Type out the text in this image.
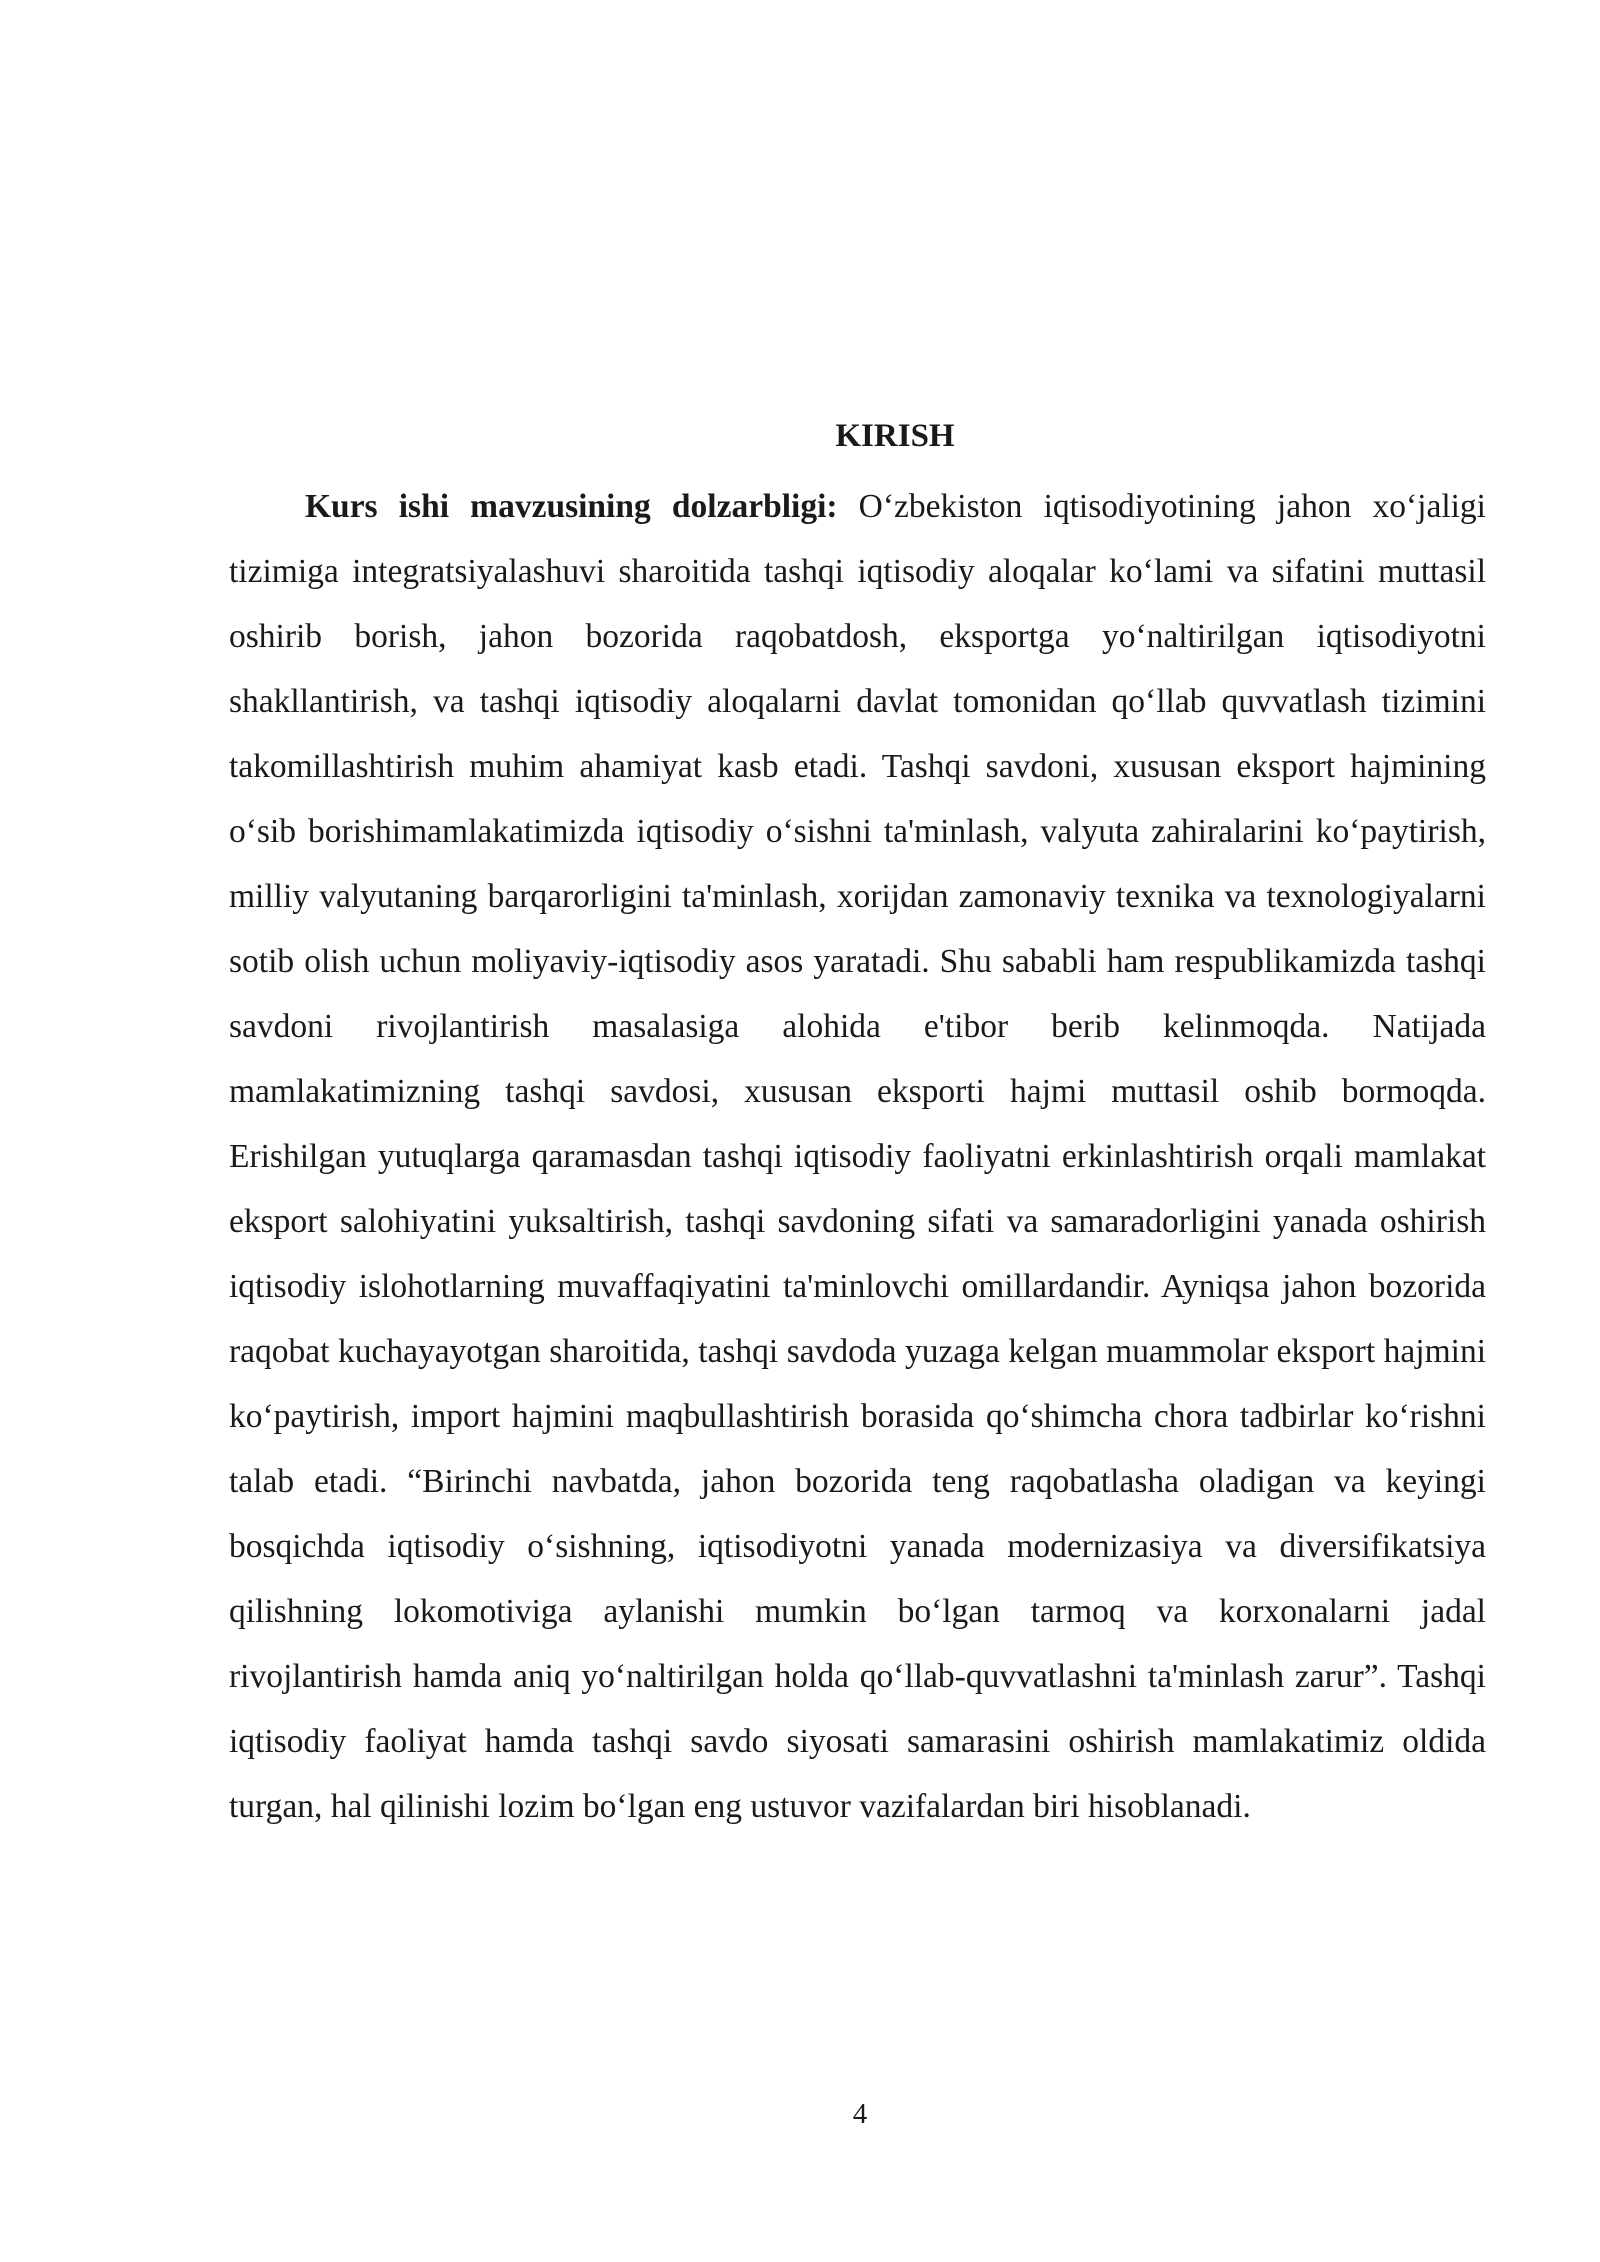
KIRISH

Kurs ishi mavzusining dolzarbligi: O‘zbekiston iqtisodiyotining jahon xo‘jaligi tizimiga integratsiyalashuvi sharoitida tashqi iqtisodiy aloqalar ko‘lami va sifatini muttasil oshirib borish, jahon bozorida raqobatdosh, eksportga yo‘naltirilgan iqtisodiyotni shakllantirish, va tashqi iqtisodiy aloqalarni davlat tomonidan qo‘llab quvvatlash tizimini takomillashtirish muhim ahamiyat kasb etadi. Tashqi savdoni, xususan eksport hajmining o‘sib borishimamlakatimizda iqtisodiy o‘sishni ta'minlash, valyuta zahiralarini ko‘paytirish, milliy valyutaning barqarorligini ta'minlash, xorijdan zamonaviy texnika va texnologiyalarni sotib olish uchun moliyaviy-iqtisodiy asos yaratadi. Shu sababli ham respublikamizda tashqi savdoni rivojlantirish masalasiga alohida e'tibor berib kelinmoqda. Natijada mamlakatimizning tashqi savdosi, xususan eksporti hajmi muttasil oshib bormoqda. Erishilgan yutuqlarga qaramasdan tashqi iqtisodiy faoliyatni erkinlashtirish orqali mamlakat eksport salohiyatini yuksaltirish, tashqi savdoning sifati va samaradorligini yanada oshirish iqtisodiy islohotlarning muvaffaqiyatini ta'minlovchi omillardandir. Ayniqsa jahon bozorida raqobat kuchayayotgan sharoitida, tashqi savdoda yuzaga kelgan muammolar eksport hajmini ko‘paytirish, import hajmini maqbullashtirish borasida qo‘shimcha chora tadbirlar ko‘rishni talab etadi. “Birinchi navbatda, jahon bozorida teng raqobatlasha oladigan va keyingi bosqichda iqtisodiy o‘sishning, iqtisodiyotni yanada modernizasiya va diversifikatsiya qilishning lokomotiviga aylanishi mumkin bo‘lgan tarmoq va korxonalarni jadal rivojlantirish hamda aniq yo‘naltirilgan holda qo‘llab-quvvatlashni ta'minlash zarur”. Tashqi iqtisodiy faoliyat hamda tashqi savdo siyosati samarasini oshirish mamlakatimiz oldida turgan, hal qilinishi lozim bo‘lgan eng ustuvor vazifalardan biri hisoblanadi.

4
